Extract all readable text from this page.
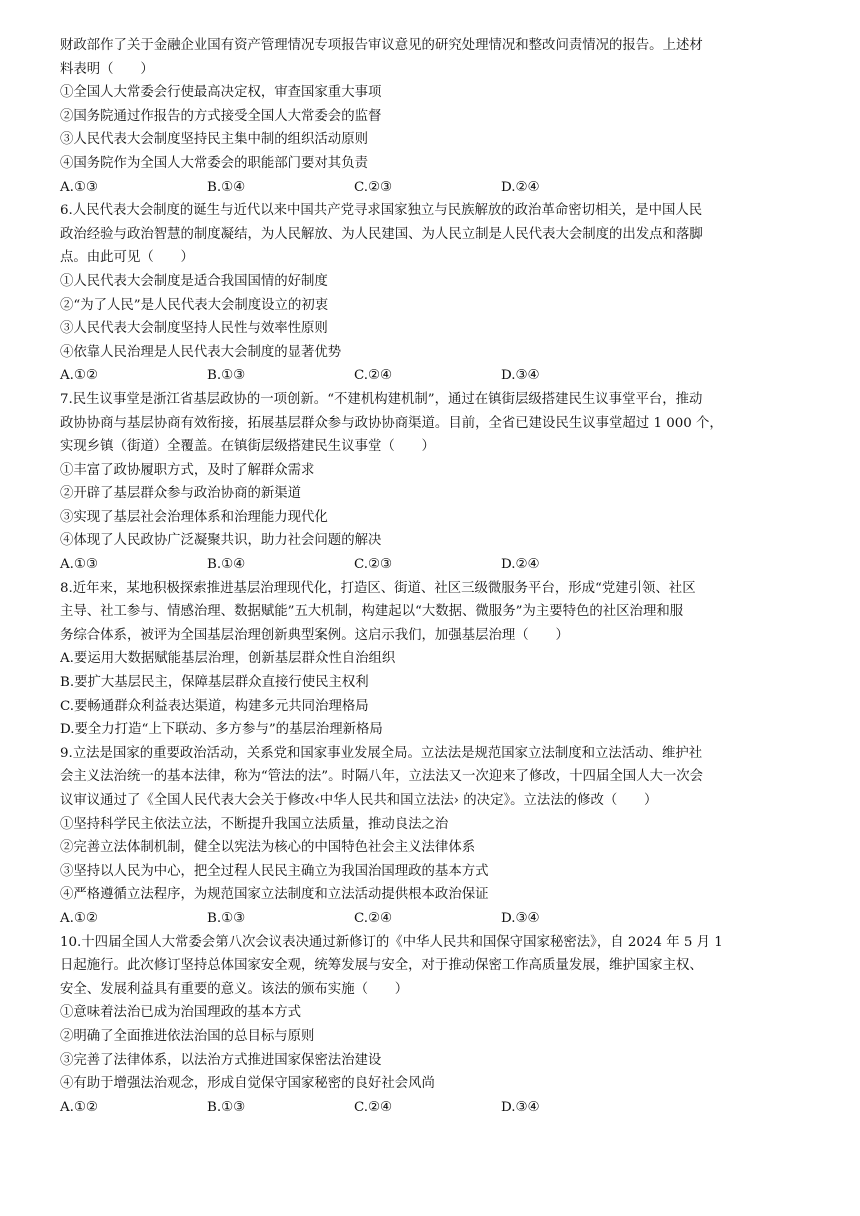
财政部作了关于金融企业国有资产管理情况专项报告审议意见的研究处理情况和整改问责情况的报告。上述材
料表明（　　）
①全国人大常委会行使最高决定权，审查国家重大事项
②国务院通过作报告的方式接受全国人大常委会的监督
③人民代表大会制度坚持民主集中制的组织活动原则
④国务院作为全国人大常委会的职能部门要对其负责
A.①③	B.①④	C.②③	D.②④
6.人民代表大会制度的诞生与近代以来中国共产党寻求国家独立与民族解放的政治革命密切相关，是中国人民
政治经验与政治智慧的制度凝结，为人民解放、为人民建国、为人民立制是人民代表大会制度的出发点和落脚
点。由此可见（　　）
①人民代表大会制度是适合我国国情的好制度
②“为了人民”是人民代表大会制度设立的初衷
③人民代表大会制度坚持人民性与效率性原则
④依靠人民治理是人民代表大会制度的显著优势
A.①②	B.①③	C.②④	D.③④
7.民生议事堂是浙江省基层政协的一项创新。“不建机构建机制”，通过在镇街层级搭建民生议事堂平台，推动
政协协商与基层协商有效衔接，拓展基层群众参与政协协商渠道。目前，全省已建设民生议事堂超过 1 000 个，
实现乡镇（街道）全覆盖。在镇街层级搭建民生议事堂（　　）
①丰富了政协履职方式，及时了解群众需求
②开辟了基层群众参与政治协商的新渠道
③实现了基层社会治理体系和治理能力现代化
④体现了人民政协广泛凝聚共识，助力社会问题的解决
A.①③	B.①④	C.②③	D.②④
8.近年来，某地积极探索推进基层治理现代化，打造区、街道、社区三级微服务平台，形成“党建引领、社区
主导、社工参与、情感治理、数据赋能”五大机制，构建起以“大数据、微服务”为主要特色的社区治理和服
务综合体系，被评为全国基层治理创新典型案例。这启示我们，加强基层治理（　　）
A.要运用大数据赋能基层治理，创新基层群众性自治组织
B.要扩大基层民主，保障基层群众直接行使民主权利
C.要畅通群众利益表达渠道，构建多元共同治理格局
D.要全力打造“上下联动、多方参与”的基层治理新格局
9.立法是国家的重要政治活动，关系党和国家事业发展全局。立法法是规范国家立法制度和立法活动、维护社
会主义法治统一的基本法律，称为“管法的法”。时隔八年，立法法又一次迎来了修改，十四届全国人大一次会
议审议通过了《全国人民代表大会关于修改‹中华人民共和国立法法› 的决定》。立法法的修改（　　）
①坚持科学民主依法立法，不断提升我国立法质量，推动良法之治
②完善立法体制机制，健全以宪法为核心的中国特色社会主义法律体系
③坚持以人民为中心，把全过程人民民主确立为我国治国理政的基本方式
④严格遵循立法程序，为规范国家立法制度和立法活动提供根本政治保证
A.①②	B.①③	C.②④	D.③④
10.十四届全国人大常委会第八次会议表决通过新修订的《中华人民共和国保守国家秘密法》，自 2024 年 5 月 1
日起施行。此次修订坚持总体国家安全观，统筹发展与安全，对于推动保密工作高质量发展，维护国家主权、
安全、发展利益具有重要的意义。该法的颁布实施（　　）
①意味着法治已成为治国理政的基本方式
②明确了全面推进依法治国的总目标与原则
③完善了法律体系，以法治方式推进国家保密法治建设
④有助于增强法治观念，形成自觉保守国家秘密的良好社会风尚
A.①②	B.①③	C.②④	D.③④
